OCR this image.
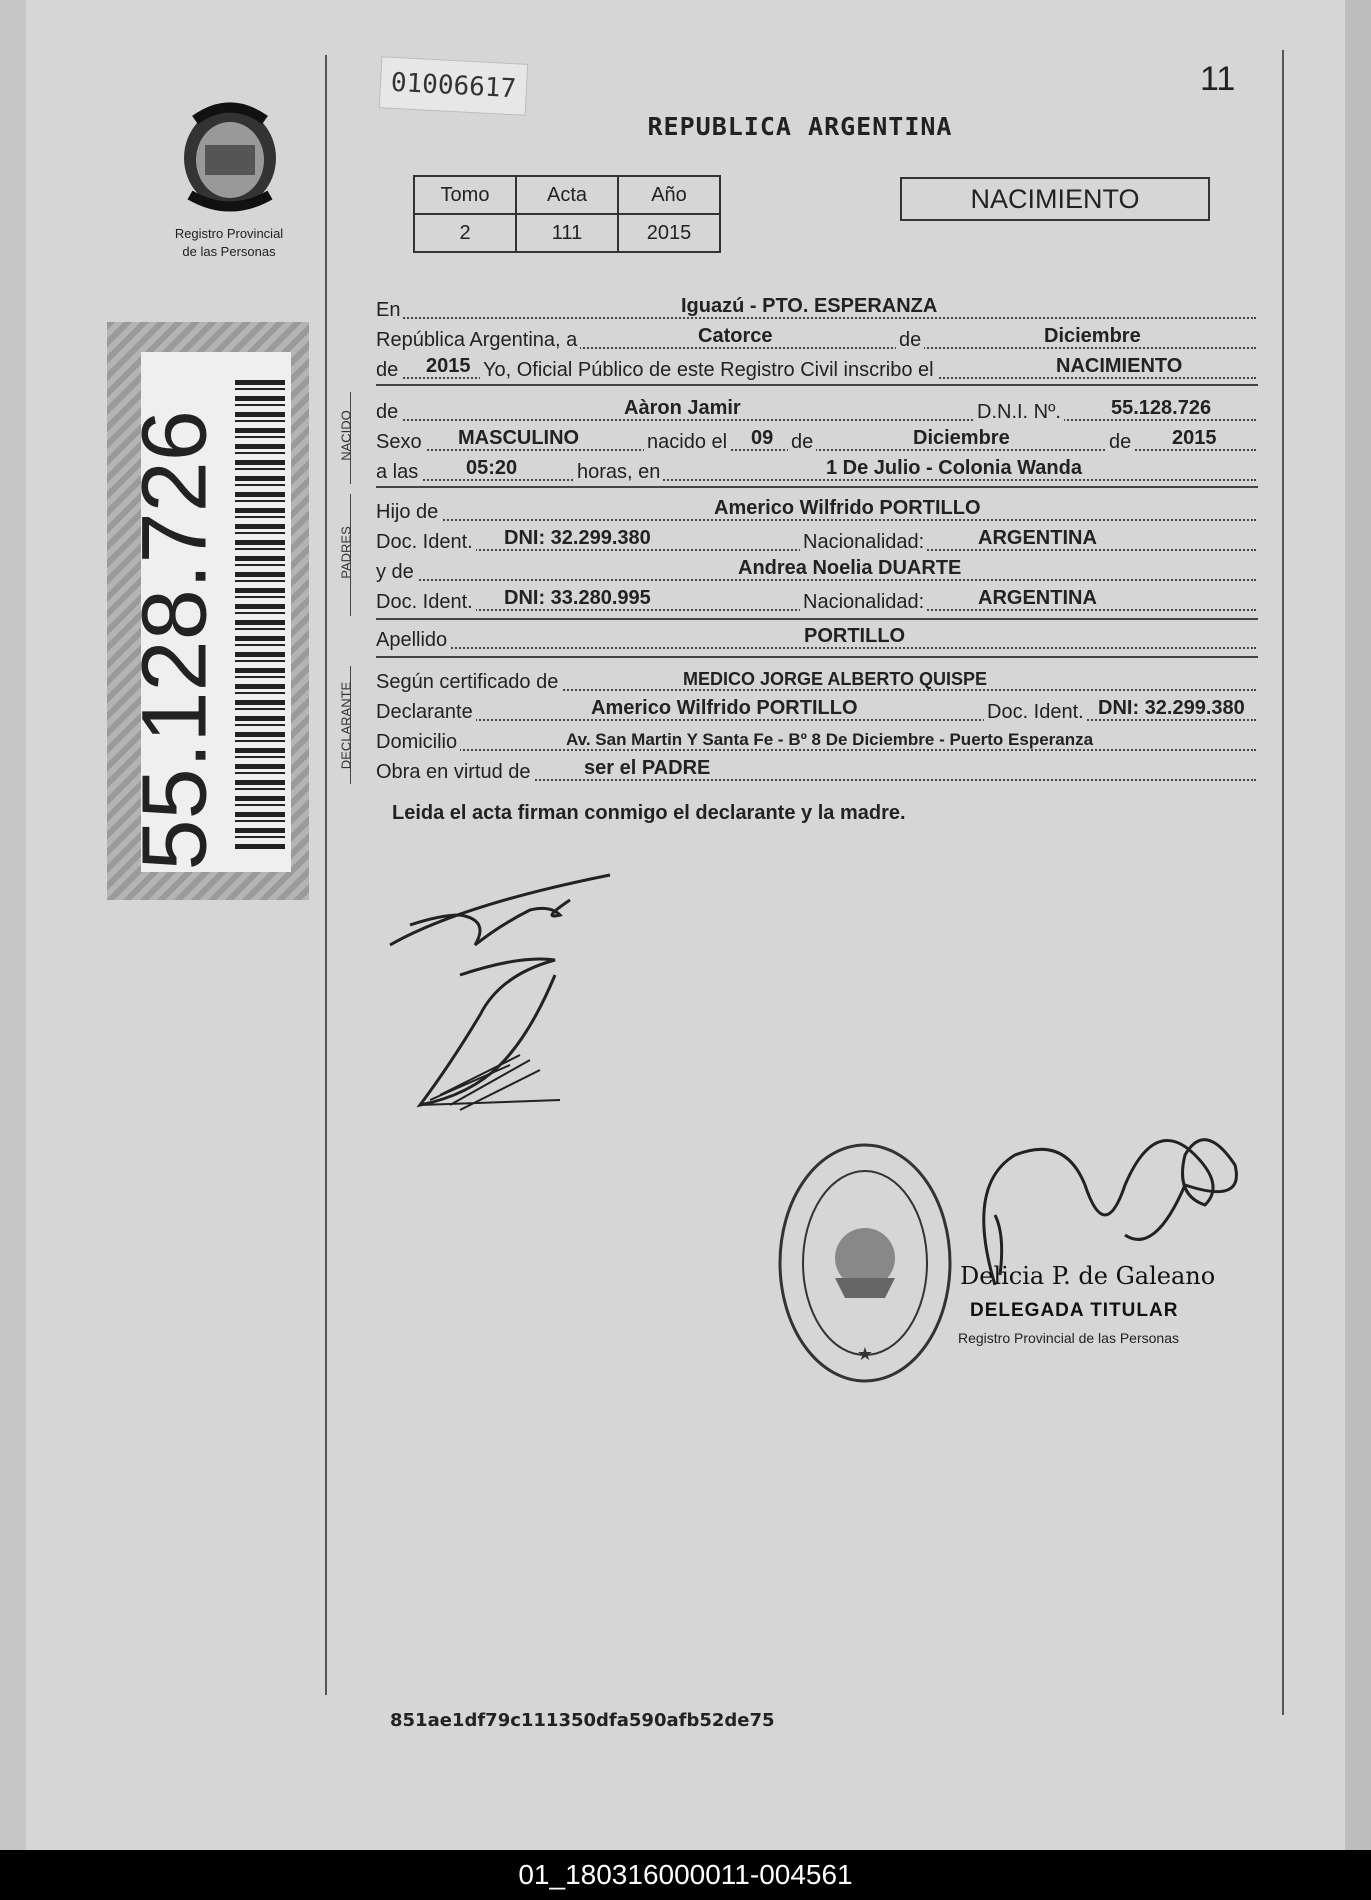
Registro Provincial
de las Personas
55.128.726
01006617	11
REPUBLICA ARGENTINA
Tomo	Acta	Año
2	111	2015
NACIMIENTO
En	Iguazú - PTO. ESPERANZA
República Argentina, a	Catorce	de	Diciembre
de 2015 Yo, Oficial Público de este Registro Civil inscribo el	NACIMIENTO
NACIDO de	Aàron Jamir	D.N.I. Nº.	55.128.726
Sexo MASCULINO	nacido el 09 de	Diciembre	de 2015
a las 05:20	horas, en	1 De Julio - Colonia Wanda
PADRES
Hijo de	Americo Wilfrido PORTILLO
Doc. Ident. DNI: 32.299.380	Nacionalidad:	ARGENTINA
y de	Andrea Noelia DUARTE
Doc. Ident. DNI: 33.280.995	Nacionalidad:	ARGENTINA
Apellido	PORTILLO
DECLARANTE Según certificado de	MEDICO JORGE ALBERTO QUISPE
Declarante	Americo Wilfrido PORTILLO	Doc. Ident. DNI: 32.299.380
Domicilio	Av. San Martin Y Santa Fe - Bº 8 De Diciembre - Puerto Esperanza
Obra en virtud de	ser el PADRE
Leida el acta firman conmigo el declarante y la madre.
★
Delicia P. de Galeano
DELEGADA TITULAR
Registro Provincial de las Personas
851ae1df79c111350dfa590afb52de75
01_180316000011-004561
